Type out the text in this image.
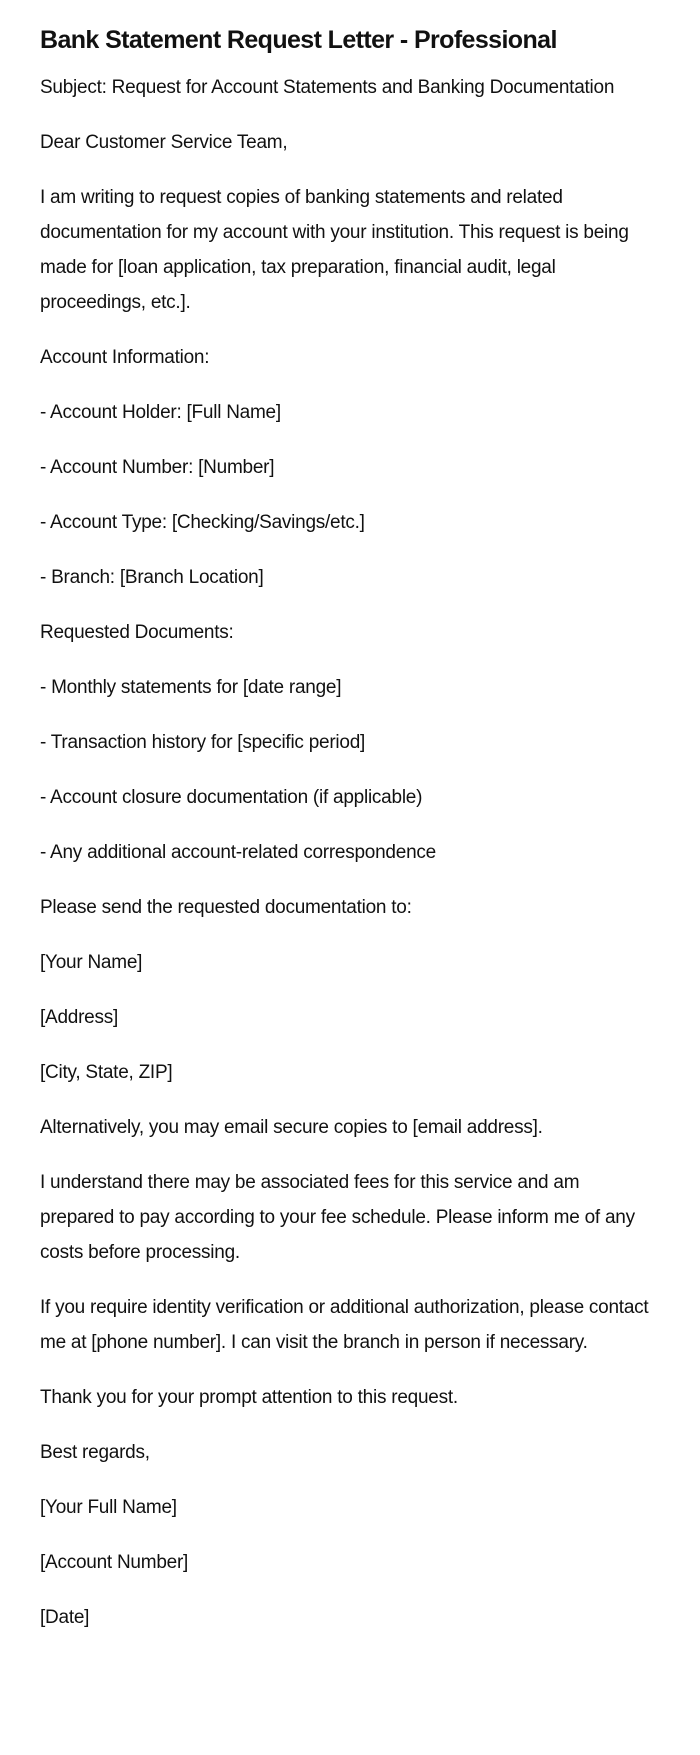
Bank Statement Request Letter - Professional

Subject: Request for Account Statements and Banking Documentation

Dear Customer Service Team,

I am writing to request copies of banking statements and related documentation for my account with your institution. This request is being made for [loan application, tax preparation, financial audit, legal proceedings, etc.].

Account Information:

- Account Holder: [Full Name]

- Account Number: [Number]

- Account Type: [Checking/Savings/etc.]

- Branch: [Branch Location]

Requested Documents:

- Monthly statements for [date range]

- Transaction history for [specific period]

- Account closure documentation (if applicable)

- Any additional account-related correspondence

Please send the requested documentation to:

[Your Name]

[Address]

[City, State, ZIP]

Alternatively, you may email secure copies to [email address].

I understand there may be associated fees for this service and am prepared to pay according to your fee schedule. Please inform me of any costs before processing.

If you require identity verification or additional authorization, please contact me at [phone number]. I can visit the branch in person if necessary.

Thank you for your prompt attention to this request.

Best regards,

[Your Full Name]

[Account Number]

[Date]
